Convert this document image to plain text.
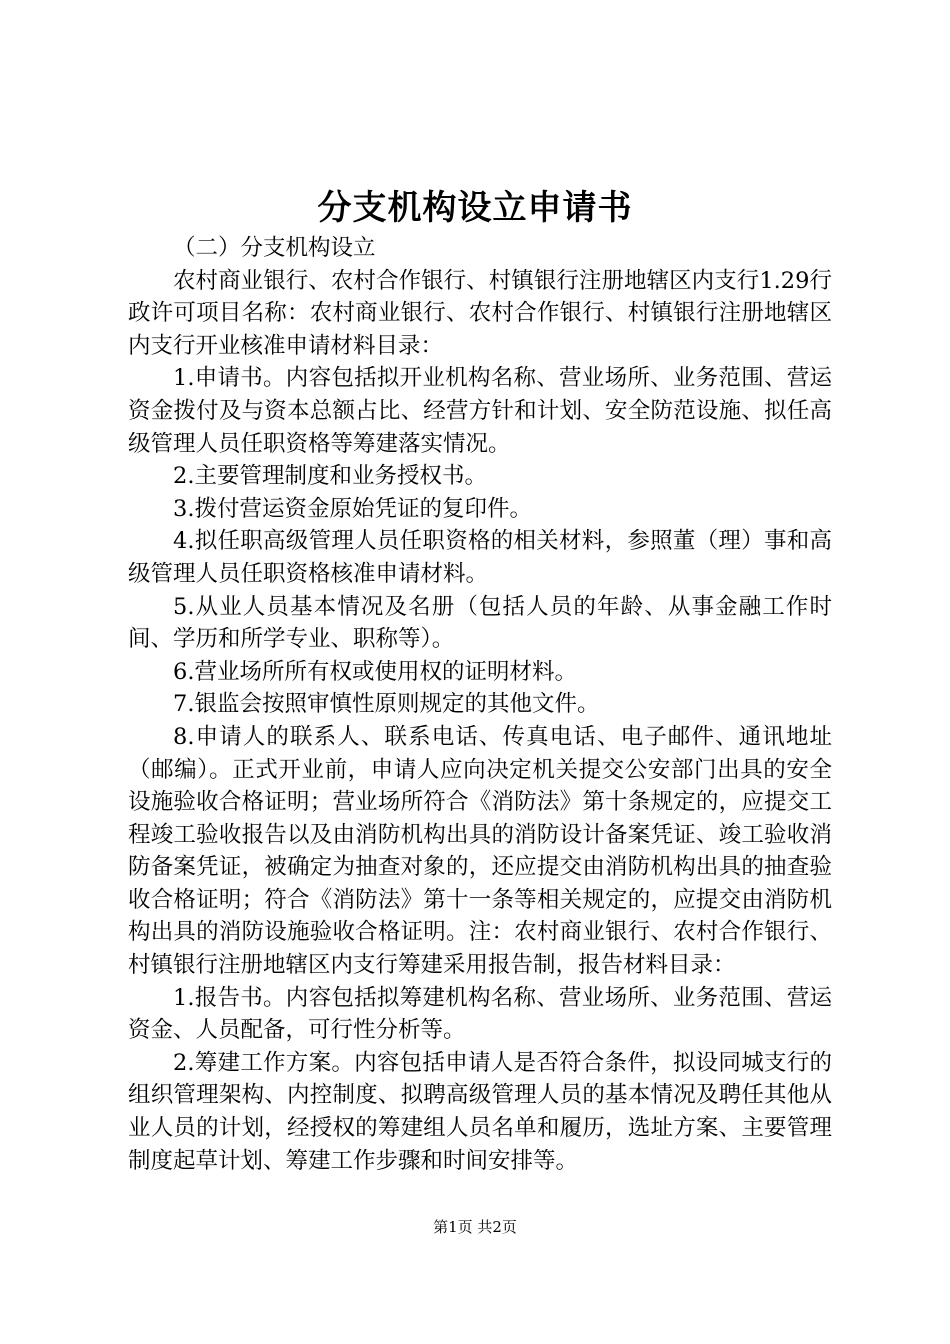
分支机构设立申请书

（二）分支机构设立

农村商业银行、农村合作银行、村镇银行注册地辖区内支行1.29行政许可项目名称：农村商业银行、农村合作银行、村镇银行注册地辖区内支行开业核准申请材料目录：

1.申请书。内容包括拟开业机构名称、营业场所、业务范围、营运资金拨付及与资本总额占比、经营方针和计划、安全防范设施、拟任高级管理人员任职资格等筹建落实情况。

2.主要管理制度和业务授权书。

3.拨付营运资金原始凭证的复印件。

4.拟任职高级管理人员任职资格的相关材料，参照董（理）事和高级管理人员任职资格核准申请材料。

5.从业人员基本情况及名册（包括人员的年龄、从事金融工作时间、学历和所学专业、职称等）。

6.营业场所所有权或使用权的证明材料。

7.银监会按照审慎性原则规定的其他文件。

8.申请人的联系人、联系电话、传真电话、电子邮件、通讯地址（邮编）。正式开业前，申请人应向决定机关提交公安部门出具的安全设施验收合格证明；营业场所符合《消防法》第十条规定的，应提交工程竣工验收报告以及由消防机构出具的消防设计备案凭证、竣工验收消防备案凭证，被确定为抽查对象的，还应提交由消防机构出具的抽查验收合格证明；符合《消防法》第十一条等相关规定的，应提交由消防机构出具的消防设施验收合格证明。注：农村商业银行、农村合作银行、村镇银行注册地辖区内支行筹建采用报告制，报告材料目录：

1.报告书。内容包括拟筹建机构名称、营业场所、业务范围、营运资金、人员配备，可行性分析等。

2.筹建工作方案。内容包括申请人是否符合条件，拟设同城支行的组织管理架构、内控制度、拟聘高级管理人员的基本情况及聘任其他从业人员的计划，经授权的筹建组人员名单和履历，选址方案、主要管理制度起草计划、筹建工作步骤和时间安排等。

第1页 共2页
